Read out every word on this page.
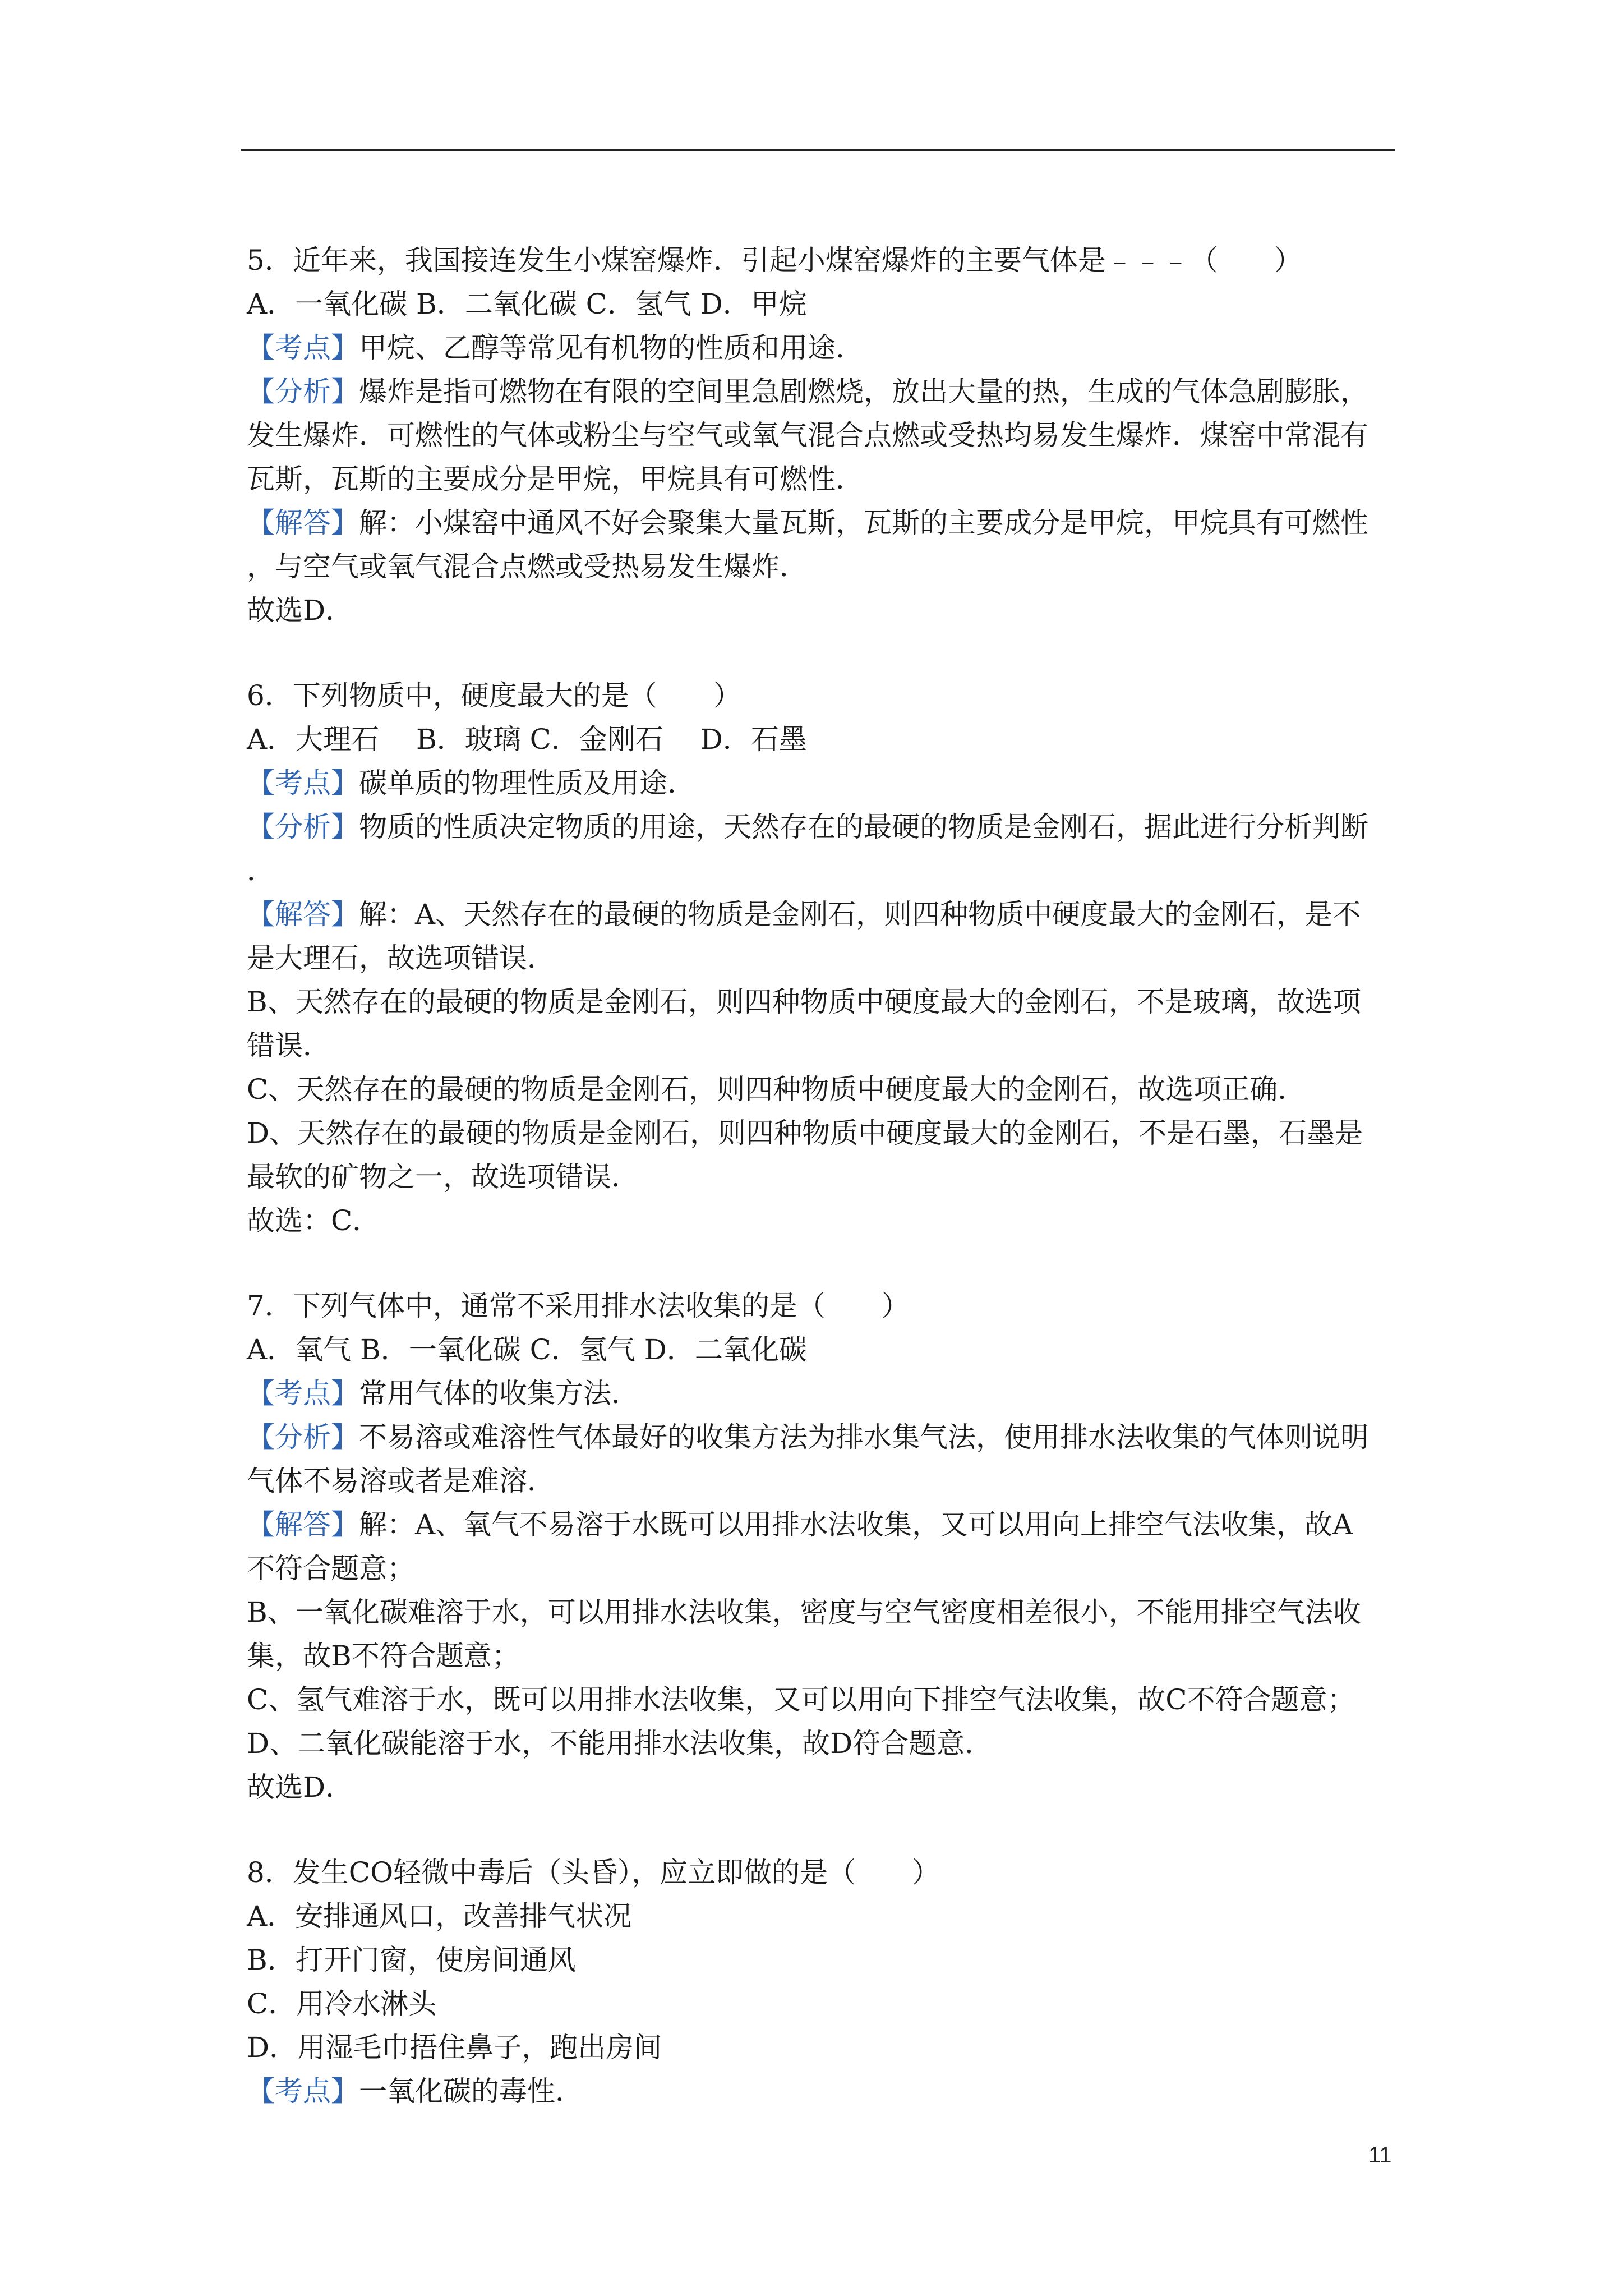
5．近年来，我国接连发生小煤窑爆炸．引起小煤窑爆炸的主要气体是﹣﹣﹣（　　）
A．一氧化碳 B．二氧化碳 C．氢气 D．甲烷
【考点】甲烷、乙醇等常见有机物的性质和用途．
【分析】爆炸是指可燃物在有限的空间里急剧燃烧，放出大量的热，生成的气体急剧膨胀，
发生爆炸．可燃性的气体或粉尘与空气或氧气混合点燃或受热均易发生爆炸．煤窑中常混有
瓦斯，瓦斯的主要成分是甲烷，甲烷具有可燃性．
【解答】解：小煤窑中通风不好会聚集大量瓦斯，瓦斯的主要成分是甲烷，甲烷具有可燃性
，与空气或氧气混合点燃或受热易发生爆炸．
故选D．
6．下列物质中，硬度最大的是（　　）
A．大理石　 B．玻璃 C．金刚石　 D．石墨
【考点】碳单质的物理性质及用途．
【分析】物质的性质决定物质的用途，天然存在的最硬的物质是金刚石，据此进行分析判断
．
【解答】解：A、天然存在的最硬的物质是金刚石，则四种物质中硬度最大的金刚石，是不
是大理石，故选项错误．
B、天然存在的最硬的物质是金刚石，则四种物质中硬度最大的金刚石，不是玻璃，故选项
错误．
C、天然存在的最硬的物质是金刚石，则四种物质中硬度最大的金刚石，故选项正确．
D、天然存在的最硬的物质是金刚石，则四种物质中硬度最大的金刚石，不是石墨，石墨是
最软的矿物之一，故选项错误．
故选：C．
7．下列气体中，通常不采用排水法收集的是（　　）
A．氧气 B．一氧化碳 C．氢气 D．二氧化碳
【考点】常用气体的收集方法．
【分析】不易溶或难溶性气体最好的收集方法为排水集气法，使用排水法收集的气体则说明
气体不易溶或者是难溶．
【解答】解：A、氧气不易溶于水既可以用排水法收集，又可以用向上排空气法收集，故A
不符合题意；
B、一氧化碳难溶于水，可以用排水法收集，密度与空气密度相差很小，不能用排空气法收
集，故B不符合题意；
C、氢气难溶于水，既可以用排水法收集，又可以用向下排空气法收集，故C不符合题意；
D、二氧化碳能溶于水，不能用排水法收集，故D符合题意．
故选D．
8．发生CO轻微中毒后（头昏），应立即做的是（　　）
A．安排通风口，改善排气状况
B．打开门窗，使房间通风
C．用冷水淋头
D．用湿毛巾捂住鼻子，跑出房间
【考点】一氧化碳的毒性．
11
